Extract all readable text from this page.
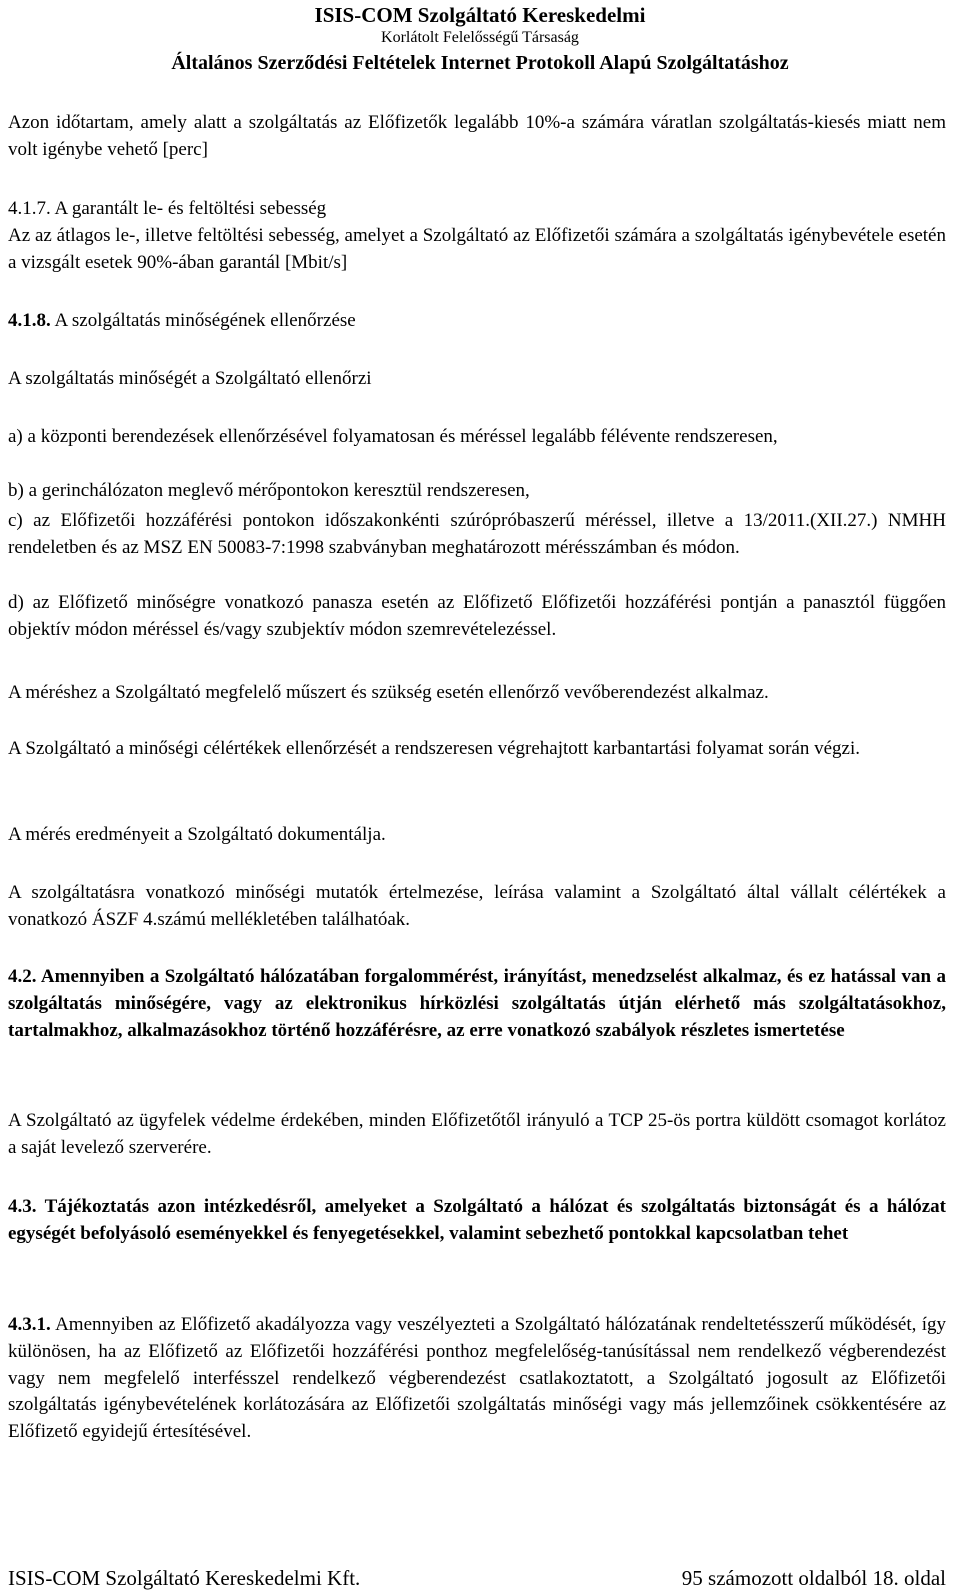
ISIS-COM Szolgáltató Kereskedelmi
Korlátolt Felelősségű Társaság
Általános Szerződési Feltételek Internet Protokoll Alapú Szolgáltatáshoz

Azon időtartam, amely alatt a szolgáltatás az Előfizetők legalább 10%-a számára váratlan szolgáltatás-kiesés miatt nem volt igénybe vehető [perc]

4.1.7. A garantált le- és feltöltési sebesség

Az az átlagos le-, illetve feltöltési sebesség, amelyet a Szolgáltató az Előfizetői számára a szolgáltatás igénybevétele esetén a vizsgált esetek 90%-ában garantál [Mbit/s]

4.1.8. A szolgáltatás minőségének ellenőrzése

A szolgáltatás minőségét a Szolgáltató ellenőrzi

a) a központi berendezések ellenőrzésével folyamatosan és méréssel legalább félévente rendszeresen,

b) a gerinchálózaton meglevő mérőpontokon keresztül rendszeresen,

c) az Előfizetői hozzáférési pontokon időszakonkénti szúrópróbaszerű méréssel, illetve a 13/2011.(XII.27.) NMHH rendeletben és az MSZ EN 50083-7:1998 szabványban meghatározott mérésszámban és módon.

d) az Előfizető minőségre vonatkozó panasza esetén az Előfizető Előfizetői hozzáférési pontján a panasztól függően objektív módon méréssel és/vagy szubjektív módon szemrevételezéssel.

A méréshez a Szolgáltató megfelelő műszert és szükség esetén ellenőrző vevőberendezést alkalmaz.

A Szolgáltató a minőségi célértékek ellenőrzését a rendszeresen végrehajtott karbantartási folyamat során végzi.

A mérés eredményeit a Szolgáltató dokumentálja.

A szolgáltatásra vonatkozó minőségi mutatók értelmezése, leírása valamint a Szolgáltató által vállalt célértékek a vonatkozó ÁSZF 4.számú mellékletében találhatóak.

4.2. Amennyiben a Szolgáltató hálózatában forgalommérést, irányítást, menedzselést alkalmaz, és ez hatással van a szolgáltatás minőségére, vagy az elektronikus hírközlési szolgáltatás útján elérhető más szolgáltatásokhoz, tartalmakhoz, alkalmazásokhoz történő hozzáférésre, az erre vonatkozó szabályok részletes ismertetése

A Szolgáltató az ügyfelek védelme érdekében, minden Előfizetőtől irányuló a TCP 25-ös portra küldött csomagot korlátoz a saját levelező szerverére.

4.3. Tájékoztatás azon intézkedésről, amelyeket a Szolgáltató a hálózat és szolgáltatás biztonságát és a hálózat egységét befolyásoló eseményekkel és fenyegetésekkel, valamint sebezhető pontokkal kapcsolatban tehet

4.3.1. Amennyiben az Előfizető akadályozza vagy veszélyezteti a Szolgáltató hálózatának rendeltetésszerű működését, így különösen, ha az Előfizető az Előfizetői hozzáférési ponthoz megfelelőség-tanúsítással nem rendelkező végberendezést vagy nem megfelelő interfésszel rendelkező végberendezést csatlakoztatott, a Szolgáltató jogosult az Előfizetői szolgáltatás igénybevételének korlátozására az Előfizetői szolgáltatás minőségi vagy más jellemzőinek csökkentésére az Előfizető egyidejű értesítésével.

ISIS-COM Szolgáltató Kereskedelmi Kft.	95 számozott oldalból 18. oldal
